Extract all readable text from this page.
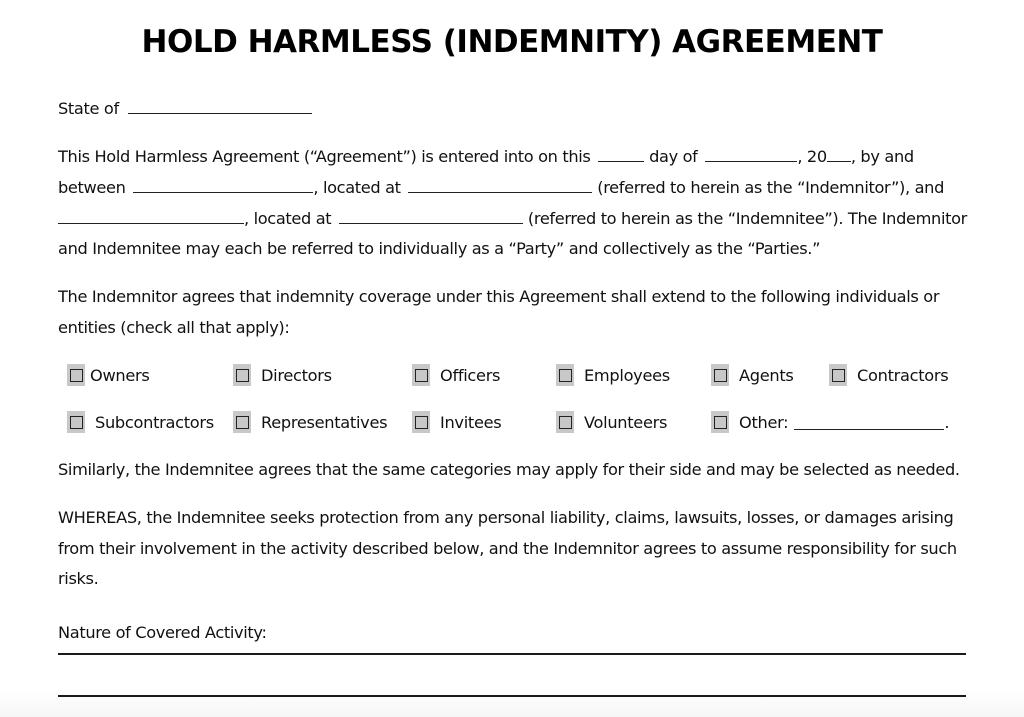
HOLD HARMLESS (INDEMNITY) AGREEMENT
State of
This Hold Harmless Agreement (“Agreement”) is entered into on this	day of	, 20 , by and
between	, located at	(referred to herein as the “Indemnitor”), and
, located at	(referred to herein as the “Indemnitee”). The Indemnitor
and Indemnitee may each be referred to individually as a “Party” and collectively as the “Parties.”
The Indemnitor agrees that indemnity coverage under this Agreement shall extend to the following individuals or
entities (check all that apply):
Owners	Directors	Officers	Employees	Agents	Contractors
Subcontractors	Representatives	Invitees	Volunteers	Other:	.
Similarly, the Indemnitee agrees that the same categories may apply for their side and may be selected as needed.
WHEREAS, the Indemnitee seeks protection from any personal liability, claims, lawsuits, losses, or damages arising
from their involvement in the activity described below, and the Indemnitor agrees to assume responsibility for such
risks.
Nature of Covered Activity:
